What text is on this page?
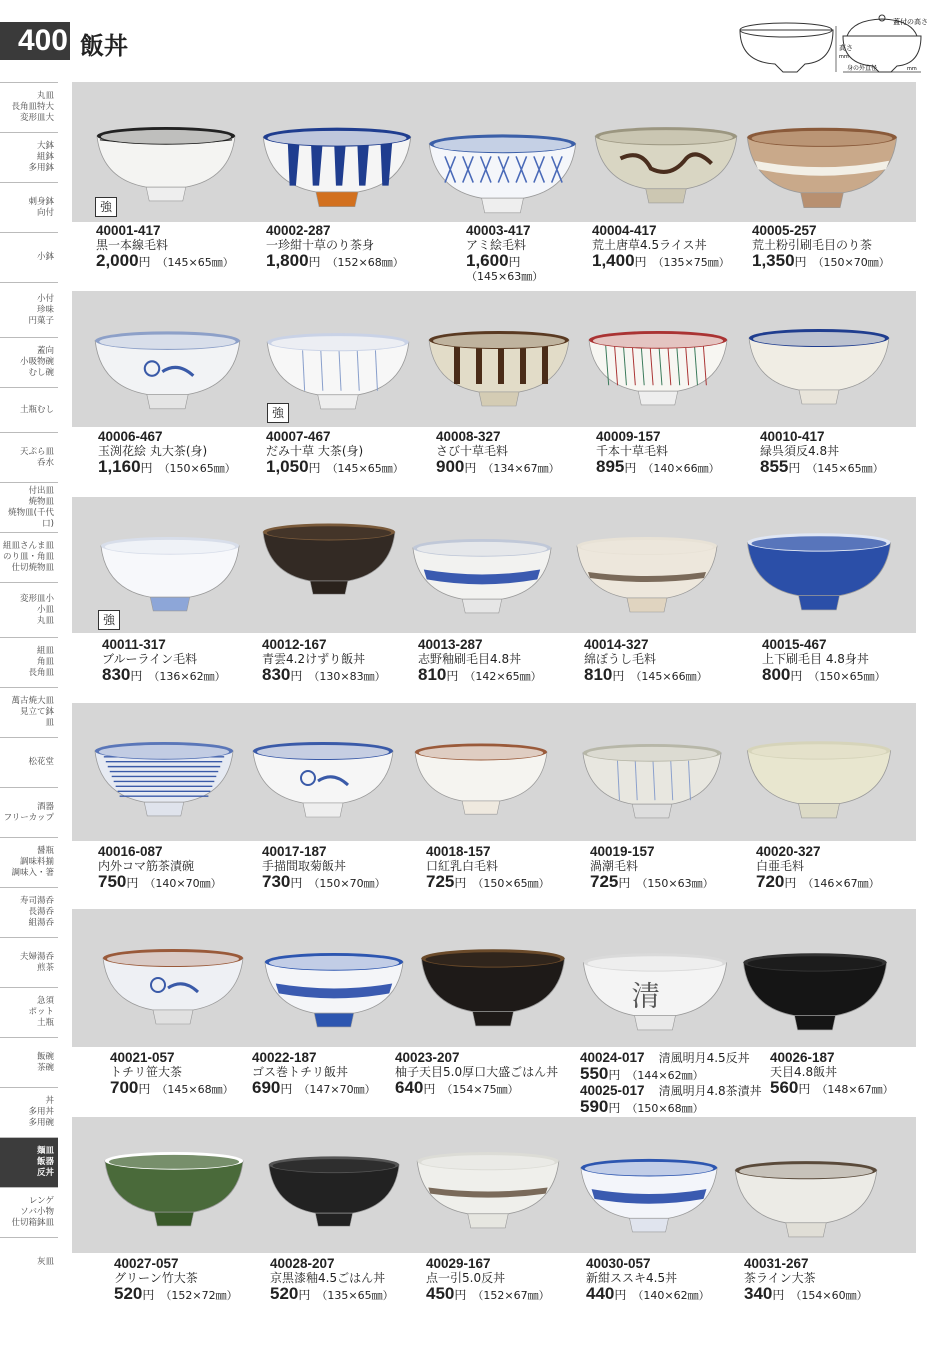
400 飯丼	高さ
mm
蓋付の高さ
身の外直径	mm
丸皿
長角皿特大
変形皿大
大鉢
組鉢
多用鉢
刺身鉢
向付
小鉢
小付
珍味
円菓子
蓋向
小吸物碗
むし碗
土瓶むし
天ぷら皿
呑水
付出皿
焼物皿
焼物皿(千代口)
組皿さんま皿
のり皿・角皿
仕切焼物皿
変形皿小
小皿
丸皿
組皿
角皿
長角皿
萬古焼大皿
見立て鉢
皿
松花堂
酒器
フリーカップ
醤瓶
調味料揃
調味入・箸
寿司湯呑
長湯呑
組湯呑
夫婦湯呑
煎茶
急須
ポット
土瓶
飯碗
茶碗
丼
多用丼
多用碗
麺皿
飯器
反丼
レンゲ
ソバ小物
仕切箱鉢皿
灰皿
清
40001-417
黒一本線毛料
2,000円 （145×65㎜）
40002-287
一珍紺十草のり茶身
1,800円 （152×68㎜）
40003-417
アミ絵毛料
1,600円
（145×63㎜）
40004-417
荒土唐草4.5ライス丼
1,400円 （135×75㎜）
40005-257
荒土粉引刷毛目のり茶
1,350円 （150×70㎜）
40006-467
玉渕花絵 丸大茶(身)
1,160円 （150×65㎜）
40007-467
だみ十草 大茶(身)
1,050円 （145×65㎜）
40008-327
さび十草毛料
900円 （134×67㎜）
40009-157
千本十草毛料
895円 （140×66㎜）
40010-417
緑呉須反4.8丼
855円 （145×65㎜）
40011-317
ブルーライン毛料
830円 （136×62㎜）
40012-167
青雲4.2けずり飯丼
830円 （130×83㎜）
40013-287
志野釉刷毛目4.8丼
810円 （142×65㎜）
40014-327
綿ぼうし毛料
810円 （145×66㎜）
40015-467
上下刷毛目 4.8身丼
800円 （150×65㎜）
40016-087
内外コマ筋茶漬碗
750円 （140×70㎜）
40017-187
手描間取菊飯丼
730円 （150×70㎜）
40018-157
口紅乳白毛料
725円 （150×65㎜）
40019-157
渦潮毛料
725円 （150×63㎜）
40020-327
白亜毛料
720円 （146×67㎜）
40021-057
トチリ笹大茶
700円 （145×68㎜）
40022-187
ゴス巻トチリ飯丼
690円 （147×70㎜）
40023-207
柚子天目5.0厚口大盛ごはん丼
640円 （154×75㎜）
40024-017 清風明月4.5反丼
550円 （144×62㎜）
40025-017 清風明月4.8茶漬丼
590円 （150×68㎜）
40026-187
天目4.8飯丼
560円 （148×67㎜）
40027-057
グリーン竹大茶
520円 （152×72㎜）
40028-207
京黒漆釉4.5ごはん丼
520円 （135×65㎜）
40029-167
点一引5.0反丼
450円 （152×67㎜）
40030-057
新紺ススキ4.5丼
440円 （140×62㎜）
40031-267
茶ライン大茶
340円 （154×60㎜）
強
強
強
